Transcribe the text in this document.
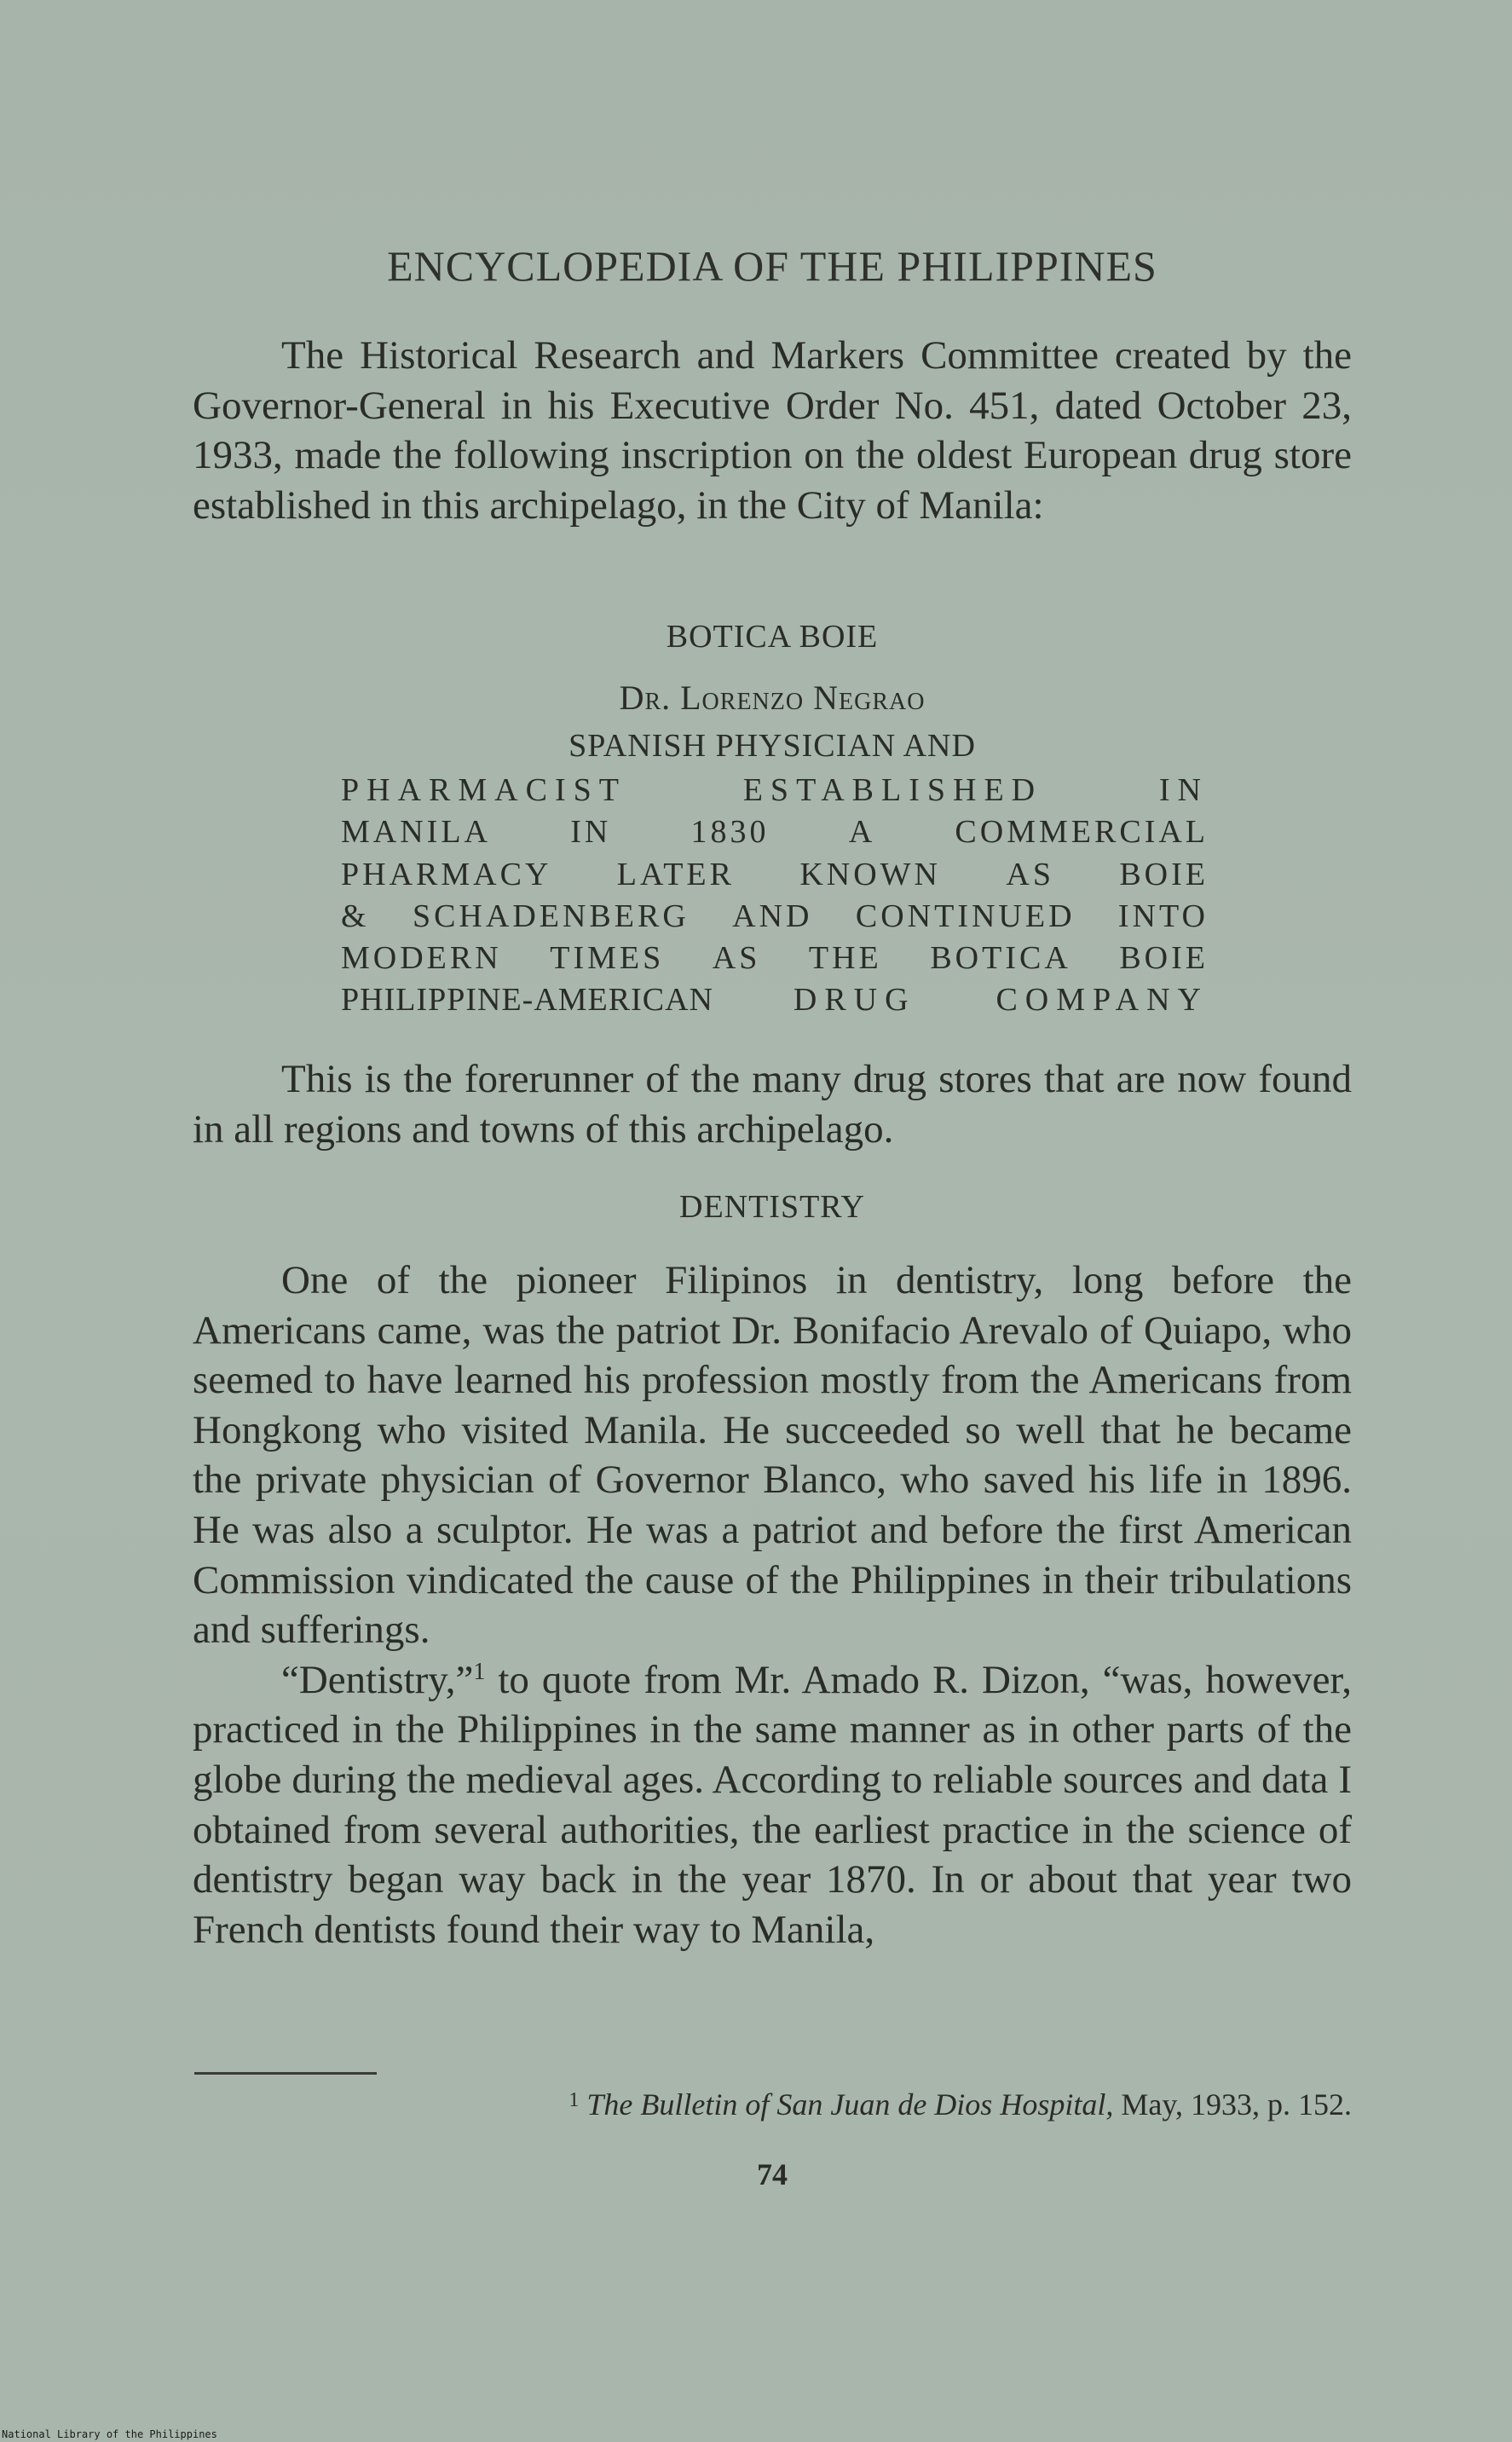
ENCYCLOPEDIA OF THE PHILIPPINES

The Historical Research and Markers Committee created by the Governor-General in his Executive Order No. 451, dated October 23, 1933, made the following inscription on the oldest European drug store established in this archipelago, in the City of Manila:

BOTICA BOIE
Dr. Lorenzo Negrao
SPANISH PHYSICIAN AND
PHARMACIST	ESTABLISHED	IN
MANILA IN 1830 A COMMERCIAL
PHARMACY LATER KNOWN AS BOIE
& SCHADENBERG AND CONTINUED INTO
MODERN TIMES AS THE BOTICA BOIE
PHILIPPINE-AMERICAN DRUG COMPANY

This is the forerunner of the many drug stores that are now found in all regions and towns of this archipelago.

DENTISTRY

One of the pioneer Filipinos in dentistry, long before the Americans came, was the patriot Dr. Bonifacio Arevalo of Quiapo, who seemed to have learned his profession mostly from the Americans from Hongkong who visited Manila. He succeeded so well that he became the private physician of Governor Blanco, who saved his life in 1896. He was also a sculptor. He was a patriot and before the first American Commission vindicated the cause of the Philippines in their tribulations and sufferings.

“Dentistry,”$^1$ to quote from Mr. Amado R. Dizon, “was, however, practiced in the Philippines in the same manner as in other parts of the globe during the medieval ages. According to reliable sources and data I obtained from several authorities, the earliest practice in the science of dentistry began way back in the year 1870. In or about that year two French dentists found their way to Manila,

$^1$ The Bulletin of San Juan de Dios Hospital, May, 1933, p. 152.
74
National Library of the Philippines
